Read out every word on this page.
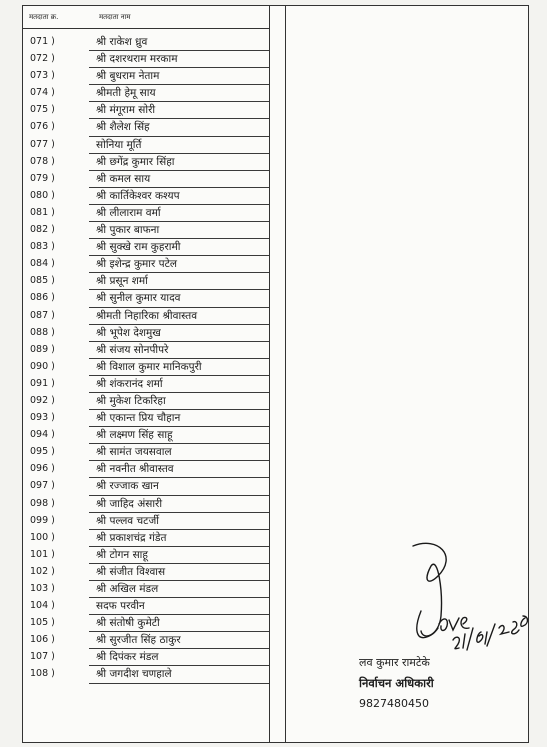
मतदाता क्र.	मतदाता नाम
071 )	श्री राकेश ध्रुव
072 )	श्री दशरथराम मरकाम
073 )	श्री बुधराम नेताम
074 )	श्रीमती हेमू साय
075 )	श्री मंगूराम सोरी
076 )	श्री शैलेश सिंह
077 )	सोनिया मूर्ति
078 )	श्री छगेंद्र कुमार सिंहा
079 )	श्री कमल साय
080 )	श्री कार्तिकेश्वर कश्यप
081 )	श्री लीलाराम वर्मा
082 )	श्री पुकार बाफना
083 )	श्री सुक्खे राम कुहरामी
084 )	श्री इशेन्द्र कुमार पटेल
085 )	श्री प्रसून शर्मा
086 )	श्री सुनील कुमार यादव
087 )	श्रीमती निहारिका श्रीवास्तव
088 )	श्री भूपेश देशमुख
089 )	श्री संजय सोनपीपरे
090 )	श्री विशाल कुमार मानिकपुरी
091 )	श्री शंकरानंद शर्मा
092 )	श्री मुकेश टिकरिहा
093 )	श्री एकान्त प्रिय चौहान
094 )	श्री लक्ष्मण सिंह साहू
095 )	श्री सामंत जयसवाल
096 )	श्री नवनीत श्रीवास्तव
097 )	श्री रज्जाक खान
098 )	श्री जाहिद अंसारी
099 )	श्री पल्लव चटर्जी
100 )	श्री प्रकाशचंद्र गंडेत
101 )	श्री टोगन साहू
102 )	श्री संजीत विश्वास
103 )	श्री अखिल मंडल
104 )	सदफ परवीन
105 )	श्री संतोषी कुमेटी
106 )	श्री सुरजीत सिंह ठाकुर
107 )	श्री दिपंकर मंडल
108 )	श्री जगदीश चणहाले
लव कुमार रामटेके
निर्वाचन अधिकारी
9827480450
